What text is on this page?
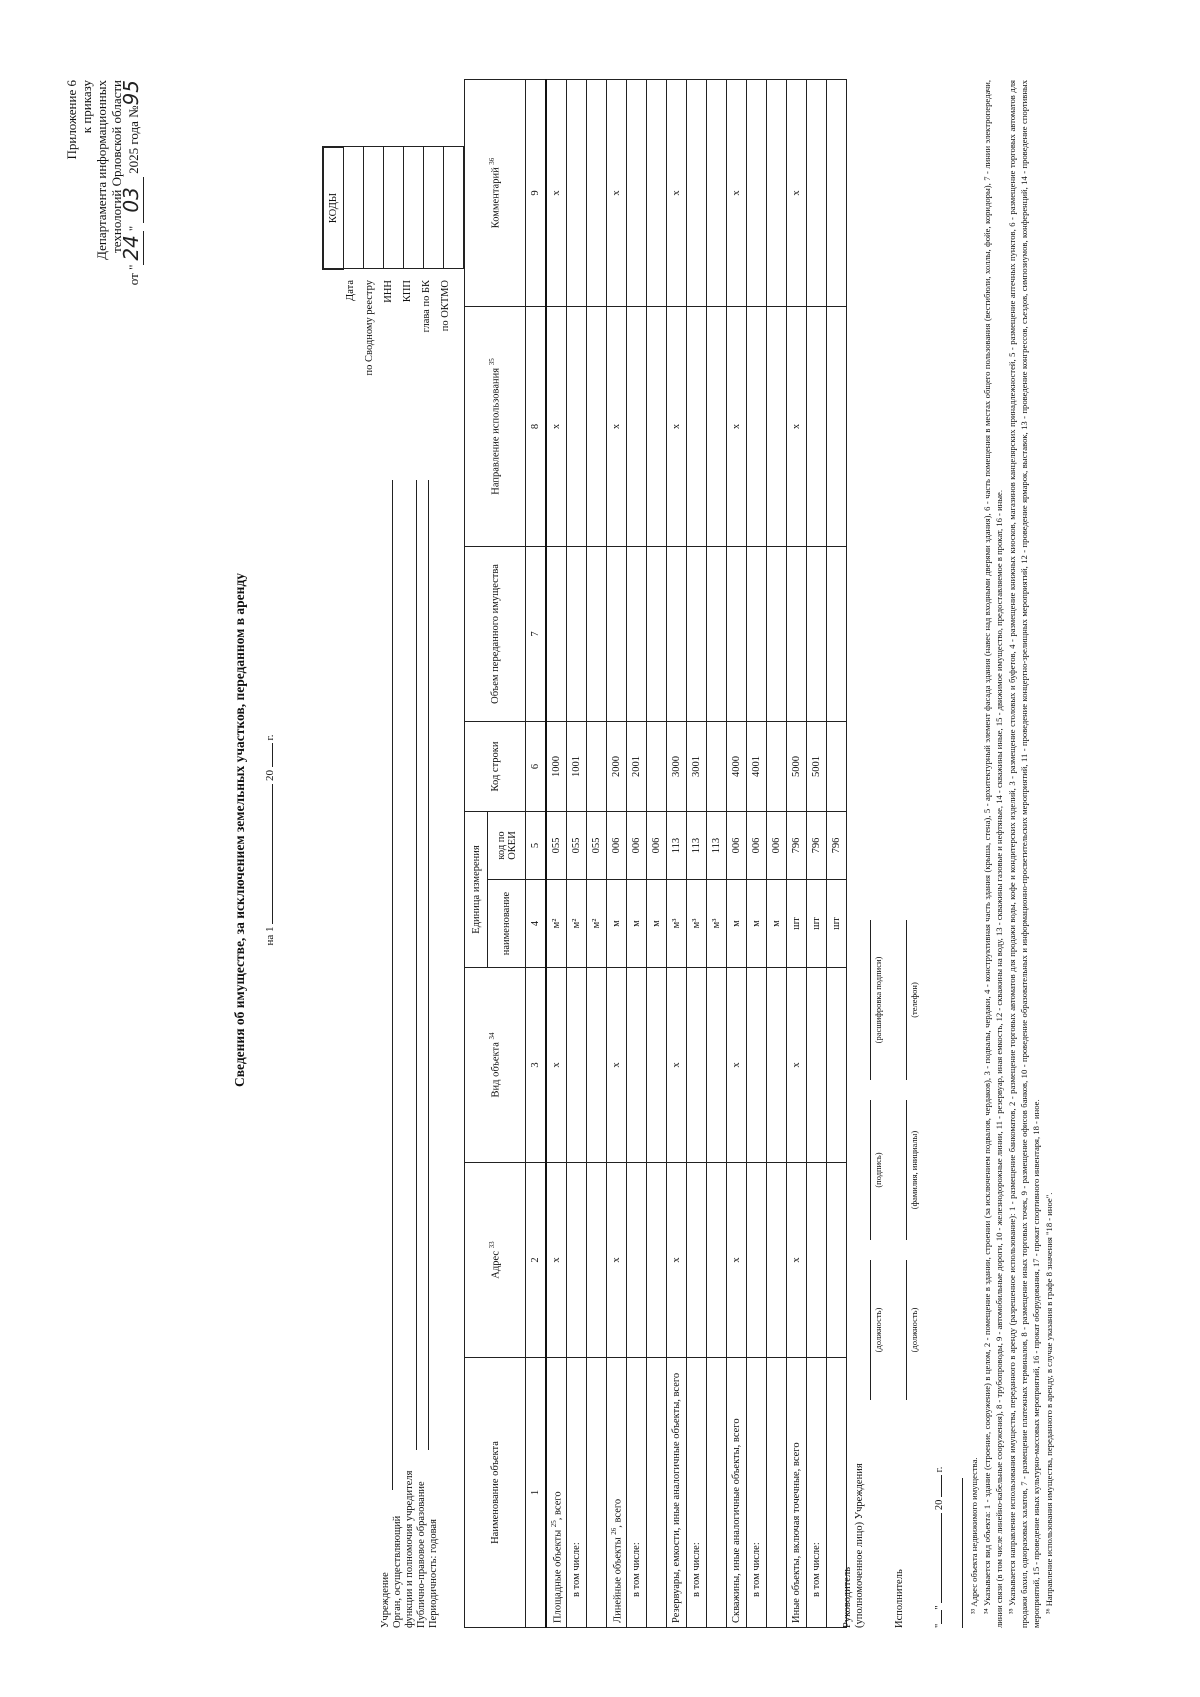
Приложение 6 к приказу Департамента информационных технологий Орловской области
от "24" 03 2025 года №95
Сведения об имуществе, за исключением земельных участков, переданном в аренду на 1  20  г.
Дата по Сводному реестру ИНН КПП глава по БК по ОКТМО
КОДЫ

Учреждение Орган, осуществляющий функции и полномочия учредителя Публично-правовое образование Периодичность: годовая
Наименование объекта	Адрес $^{33}$	Вид объекта $^{34}$	Единица измерения		Код строки	Объем переданного имущества	Направление использования $^{35}$	Комментарий $^{36}$
			наименование	код по ОКЕИ				
1	2	3	4	5	6	7	8	9
Площадные объекты $^{25}$, всего	x	x	м²	055	1000		x	x
в том числе:			м²	055	1001			
			м²	055				
Линейные объекты $^{26}$, всего	x	x	м	006	2000		x	x
в том числе:			м	006	2001			
			м	006				
Резервуары, емкости, иные аналогичные объекты, всего	x	x	м³	113	3000		x	x
в том числе:			м³	113	3001			
			м³	113				
Скважины, иные аналогичные объекты, всего	x	x	м	006	4000		x	x
в том числе:			м	006	4001			
			м	006				
Иные объекты, включая точечные, всего	x	x	шт	796	5000		x	x
в том числе:			шт	796	5001			
			шт	796				
Руководитель (уполномоченное лицо) Учреждения
(должность)
(подпись)
(расшифровка подписи)
Исполнитель
(должность)
(фамилия, инициалы)
(телефон)
""  20  г.	³³ Адрес объекта недвижимого имущества. ³⁴ Указывается вид объекта: 1 - здание (строение, сооружение) в целом, 2 - помещение в здании, строении (за исключением подвалов, чердаков), 3 - подвалы, чердаки, 4 - конструктивная часть здания (крыша, стена), 5 - архитектурный элемент фасада здания (навес над входными дверями здания), 6 - часть помещения в местах общего пользования (вестибюли, холлы, фойе, коридоры), 7 - линии электропередачи, линии связи (в том числе линейно-кабельные сооружения), 8 - трубопроводы, 9 - автомобильные дороги, 10 - железнодорожные линии, 11 - резервуар, иная емкость, 12 - скважины на воду, 13 - скважины газовые и нефтяные, 14 - скважины иные, 15 - движимое имущество, предоставляемое в прокат, 16 - иные. ³⁵ Указывается направление использования имущества, переданного в аренду (разрешенное использование): 1 - размещение банкоматов, 2 - размещение торговых автоматов для продажи воды, кофе и кондитерских изделий, 3 - размещение столовых и буфетов, 4 - размещение книжных киосков, магазинов канцелярских принадлежностей, 5 - размещение аптечных пунктов, 6 - размещение торговых автоматов для продажи бахил, одноразовых халатов, 7 - размещение платежных терминалов, 8 - размещение иных торговых точек, 9 - размещение офисов банков, 10 - проведение образовательных и информационно-просветительских мероприятий, 11 - проведение концертно-зрелищных мероприятий, 12 - проведение ярмарок, выставок, 13 - проведение конгрессов, съездов, симпозиумов, конференций, 14 - проведение спортивных мероприятий, 15 - проведение иных культурно-массовых мероприятий, 16 - прокат оборудования, 17 - прокат спортивного инвентаря, 18 - иное. ³⁶ Направление использования имущества, переданного в аренду, в случае указания в графе 8 значения "18 - иное".
